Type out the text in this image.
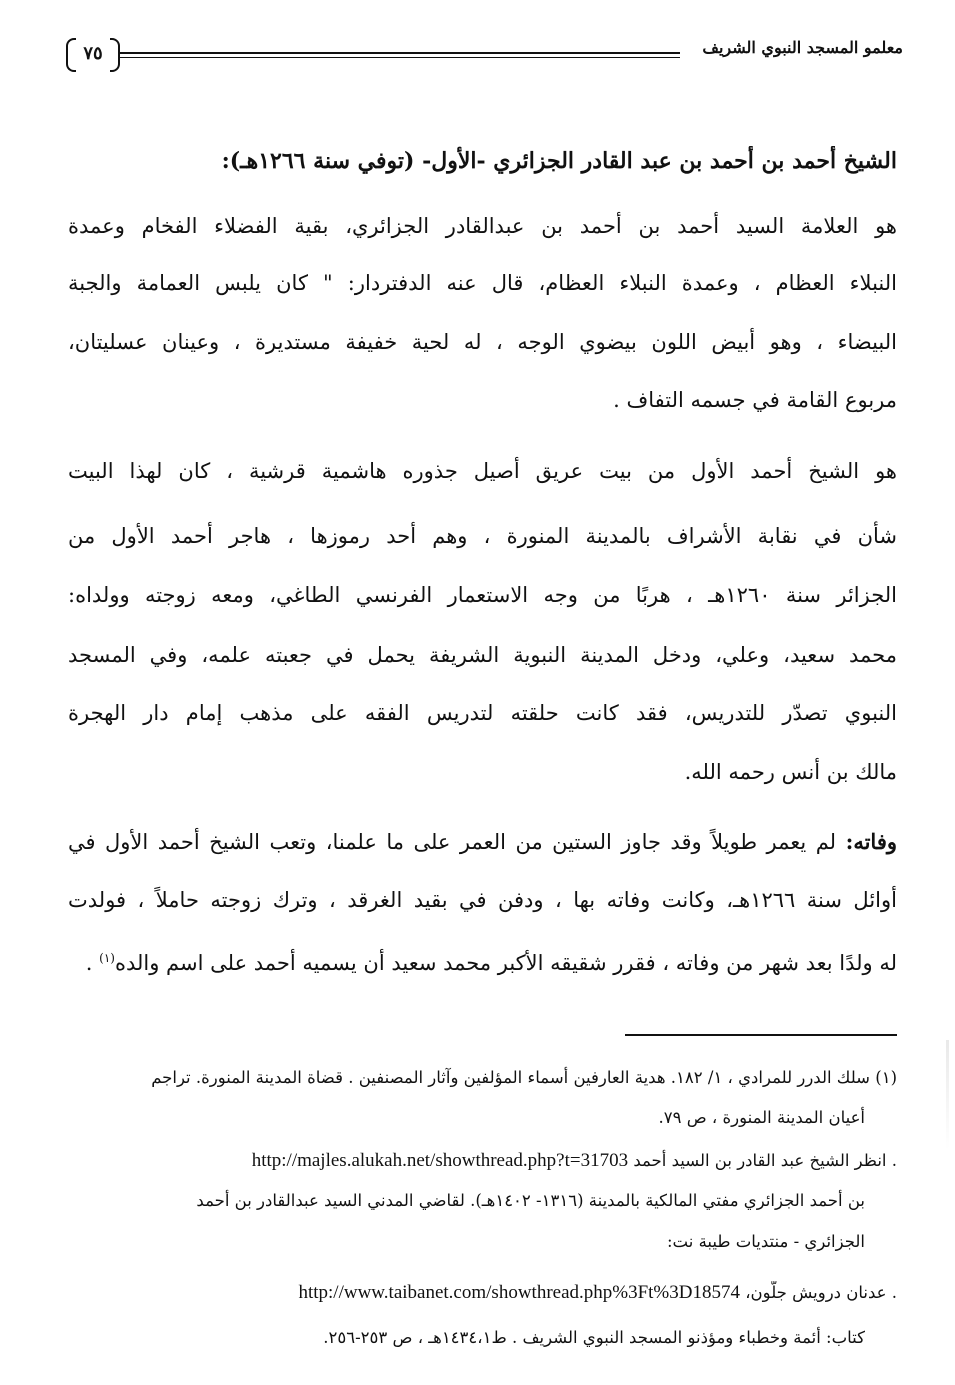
معلمو المسجد النبوي الشريف
٧٥
الشيخ أحمد بن أحمد بن عبد القادر الجزائري -الأول- (توفي سنة ١٢٦٦هـ):
هو العلامة السيد أحمد بن أحمد بن عبدالقادر الجزائري، بقية الفضلاء الفخام وعمدة
النبلاء العظام ، وعمدة النبلاء العظام، قال عنه الدفتردار: " كان يلبس العمامة والجبة
البيضاء ، وهو أبيض اللون بيضوي الوجه ، له لحية خفيفة مستديرة ، وعينان عسليتان،
مربوع القامة في جسمه التفاف .
هو الشيخ أحمد الأول من بيت عريق أصيل جذوره هاشمية قرشية ، كان لهذا البيت
شأن في نقابة الأشراف بالمدينة المنورة ، وهم أحد رموزها ، هاجر أحمد الأول من
الجزائر سنة ١٢٦٠هـ ، هربًا من وجه الاستعمار الفرنسي الطاغي، ومعه زوجته وولداه:
محمد سعيد، وعلي، ودخل المدينة النبوية الشريفة يحمل في جعبته علمه، وفي المسجد
النبوي تصدّر للتدريس، فقد كانت حلقته لتدريس الفقه على مذهب إمام دار الهجرة
مالك بن أنس رحمه الله.
وفاته: لم يعمر طويلاً وقد جاوز الستين من العمر على ما علمنا، وتعب الشيخ أحمد الأول في
أوائل سنة ١٢٦٦هـ، وكانت وفاته بها ، ودفن في بقيد الغرقد ، وترك زوجته حاملاً ، فولدت
له ولدًا بعد شهر من وفاته ، فقرر شقيقه الأكبر محمد سعيد أن يسميه أحمد على اسم والده$^{(١)}$ .
(١) سلك الدرر للمرادي ، ١/ ١٨٢. هدية العارفين أسماء المؤلفين وآثار المصنفين . قضاة المدينة المنورة. تراجم
أعيان المدينة المنورة ، ص ٧٩.
. انظر الشيخ عبد القادر بن السيد أحمد http://majles.alukah.net/showthread.php?t=31703
بن أحمد الجزائري مفتي المالكية بالمدينة (١٣١٦- ١٤٠٢هـ). لقاضي المدني السيد عبدالقادر بن أحمد
الجزائري - منتديات طيبة نت:
. عدنان درويش جلّون، http://www.taibanet.com/showthread.php%3Ft%3D18574
كتاب: أئمة وخطباء ومؤذنو المسجد النبوي الشريف . ط١٤٣٤،١هـ ، ص ٢٥٣-٢٥٦.
